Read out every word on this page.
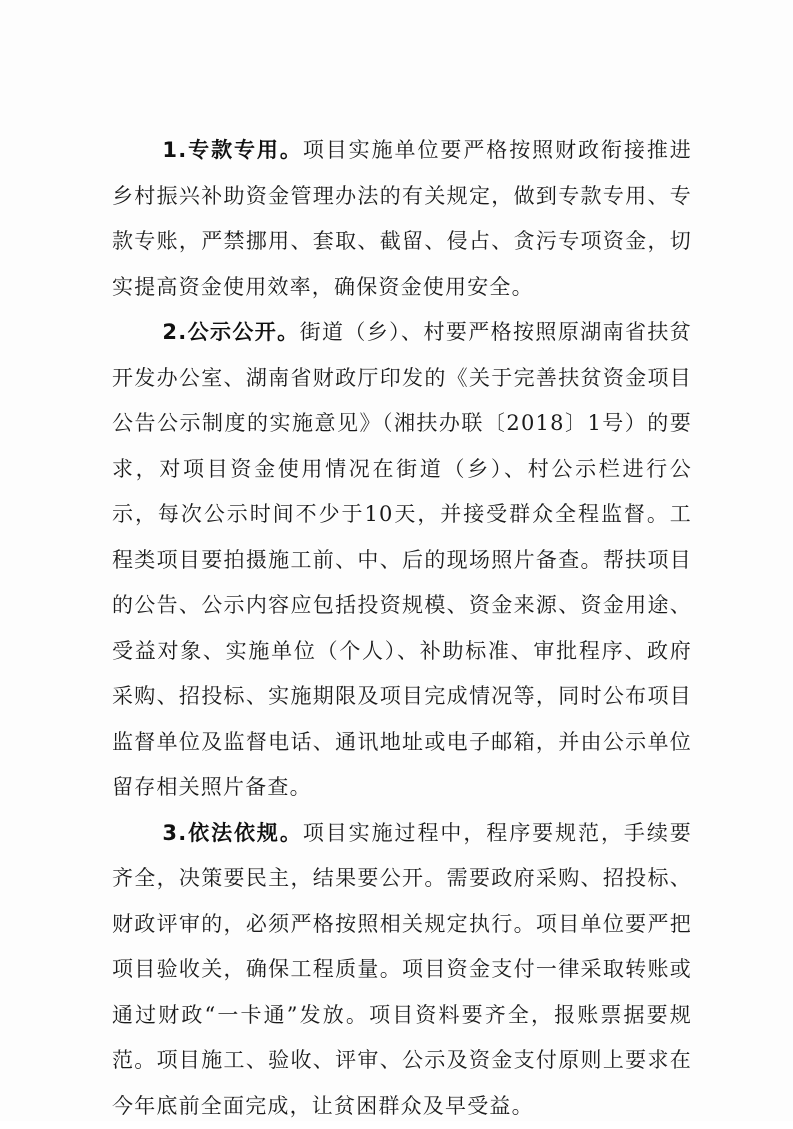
1.专款专用。项目实施单位要严格按照财政衔接推进乡村振兴补助资金管理办法的有关规定，做到专款专用、专款专账，严禁挪用、套取、截留、侵占、贪污专项资金，切实提高资金使用效率，确保资金使用安全。

2.公示公开。街道（乡）、村要严格按照原湖南省扶贫开发办公室、湖南省财政厅印发的《关于完善扶贫资金项目公告公示制度的实施意见》（湘扶办联〔2018〕1号）的要求，对项目资金使用情况在街道（乡）、村公示栏进行公示，每次公示时间不少于10天，并接受群众全程监督。工程类项目要拍摄施工前、中、后的现场照片备查。帮扶项目的公告、公示内容应包括投资规模、资金来源、资金用途、受益对象、实施单位（个人）、补助标准、审批程序、政府采购、招投标、实施期限及项目完成情况等，同时公布项目监督单位及监督电话、通讯地址或电子邮箱，并由公示单位留存相关照片备查。

3.依法依规。项目实施过程中，程序要规范，手续要齐全，决策要民主，结果要公开。需要政府采购、招投标、财政评审的，必须严格按照相关规定执行。项目单位要严把项目验收关，确保工程质量。项目资金支付一律采取转账或通过财政“一卡通”发放。项目资料要齐全，报账票据要规范。项目施工、验收、评审、公示及资金支付原则上要求在今年底前全面完成，让贫困群众及早受益。
